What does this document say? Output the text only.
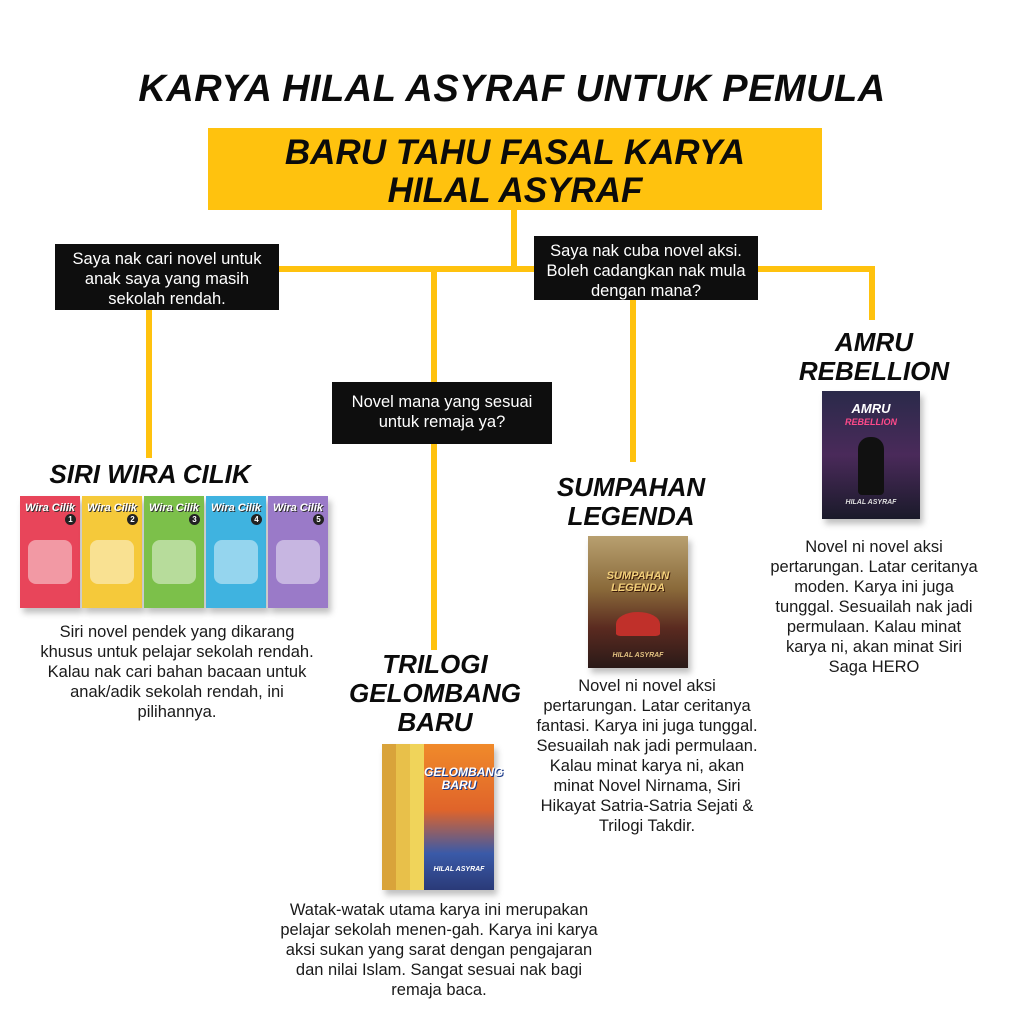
KARYA HILAL ASYRAF UNTUK PEMULA
BARU TAHU FASAL KARYA
HILAL ASYRAF
Saya nak cari novel untuk anak saya yang masih sekolah rendah.
Novel mana yang sesuai untuk remaja ya?
Saya nak cuba novel aksi. Boleh cadangkan nak mula dengan mana?
SIRI WIRA CILIK
Wira Cilik
1
Wira Cilik
2
Wira Cilik
3
Wira Cilik
4
Wira Cilik
5
Siri novel pendek yang dikarang khusus untuk pelajar sekolah rendah. Kalau nak cari bahan bacaan untuk anak/adik sekolah rendah, ini pilihannya.
TRILOGI
GELOMBANG
BARU
GELOMBANG BARU
HILAL ASYRAF
Watak-watak utama karya ini merupakan pelajar sekolah menen-gah. Karya ini karya aksi sukan yang sarat dengan pengajaran dan nilai Islam. Sangat sesuai nak bagi remaja baca.
SUMPAHAN
LEGENDA
SUMPAHAN LEGENDA
HILAL ASYRAF
Novel ni novel aksi pertarungan. Latar ceritanya fantasi. Karya ini juga tunggal. Sesuailah nak jadi permulaan. Kalau minat karya ni, akan minat Novel Nirnama, Siri Hikayat Satria-Satria Sejati & Trilogi Takdir.
AMRU
REBELLION
AMRU
REBELLION
HILAL ASYRAF
Novel ni novel aksi pertarungan. Latar ceritanya moden. Karya ini juga tunggal. Sesuailah nak jadi permulaan. Kalau minat karya ni, akan minat Siri Saga HERO
